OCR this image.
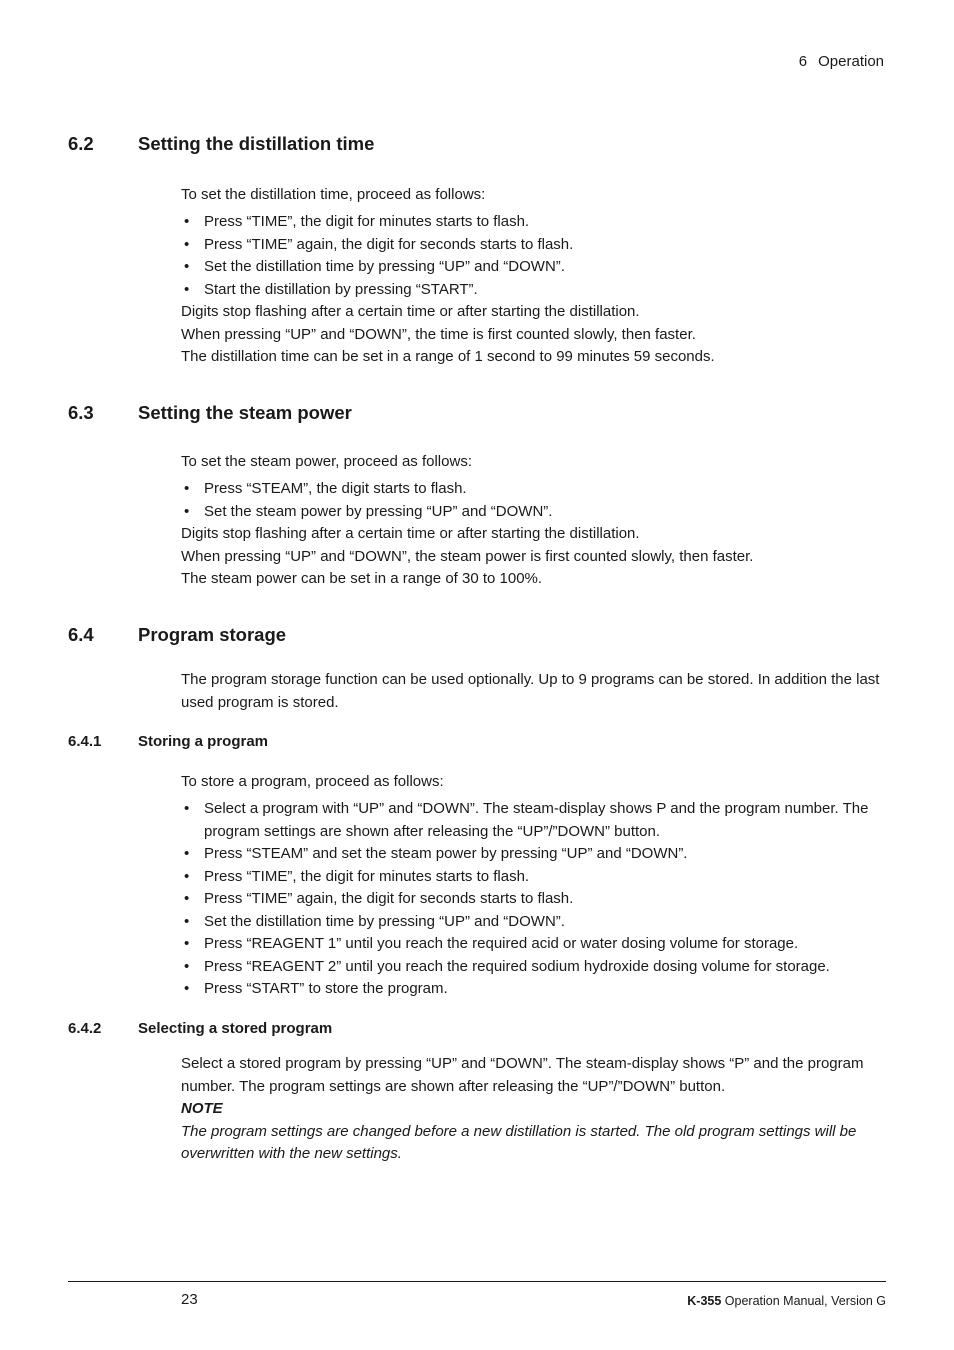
6 Operation
6.2 Setting the distillation time

To set the distillation time, proceed as follows:

• Press “TIME”, the digit for minutes starts to flash.
• Press “TIME” again, the digit for seconds starts to flash.
• Set the distillation time by pressing “UP” and “DOWN”.
• Start the distillation by pressing “START”.

Digits stop flashing after a certain time or after starting the distillation.

When pressing “UP” and “DOWN”, the time is first counted slowly, then faster.

The distillation time can be set in a range of 1 second to 99 minutes 59 seconds.

6.3 Setting the steam power

To set the steam power, proceed as follows:

• Press “STEAM”, the digit starts to flash.
• Set the steam power by pressing “UP” and “DOWN”.

Digits stop flashing after a certain time or after starting the distillation.

When pressing “UP” and “DOWN”, the steam power is first counted slowly, then faster.

The steam power can be set in a range of 30 to 100%.

6.4 Program storage

The program storage function can be used optionally. Up to 9 programs can be stored. In addition the last used program is stored.

6.4.1 Storing a program

To store a program, proceed as follows:

• Select a program with “UP” and “DOWN”. The steam-display shows P and the program number. The program settings are shown after releasing the “UP”/”DOWN” button.
• Press “STEAM” and set the steam power by pressing “UP” and “DOWN”.
• Press “TIME”, the digit for minutes starts to flash.
• Press “TIME” again, the digit for seconds starts to flash.
• Set the distillation time by pressing “UP” and “DOWN”.
• Press “REAGENT 1” until you reach the required acid or water dosing volume for storage.
• Press “REAGENT 2” until you reach the required sodium hydroxide dosing volume for storage.
• Press “START” to store the program.
6.4.2 Selecting a stored program

Select a stored program by pressing “UP” and “DOWN”. The steam-display shows “P” and the program number. The program settings are shown after releasing the “UP”/”DOWN” button.

NOTE

The program settings are changed before a new distillation is started. The old program settings will be overwritten with the new settings.

23	K-355 Operation Manual, Version G
